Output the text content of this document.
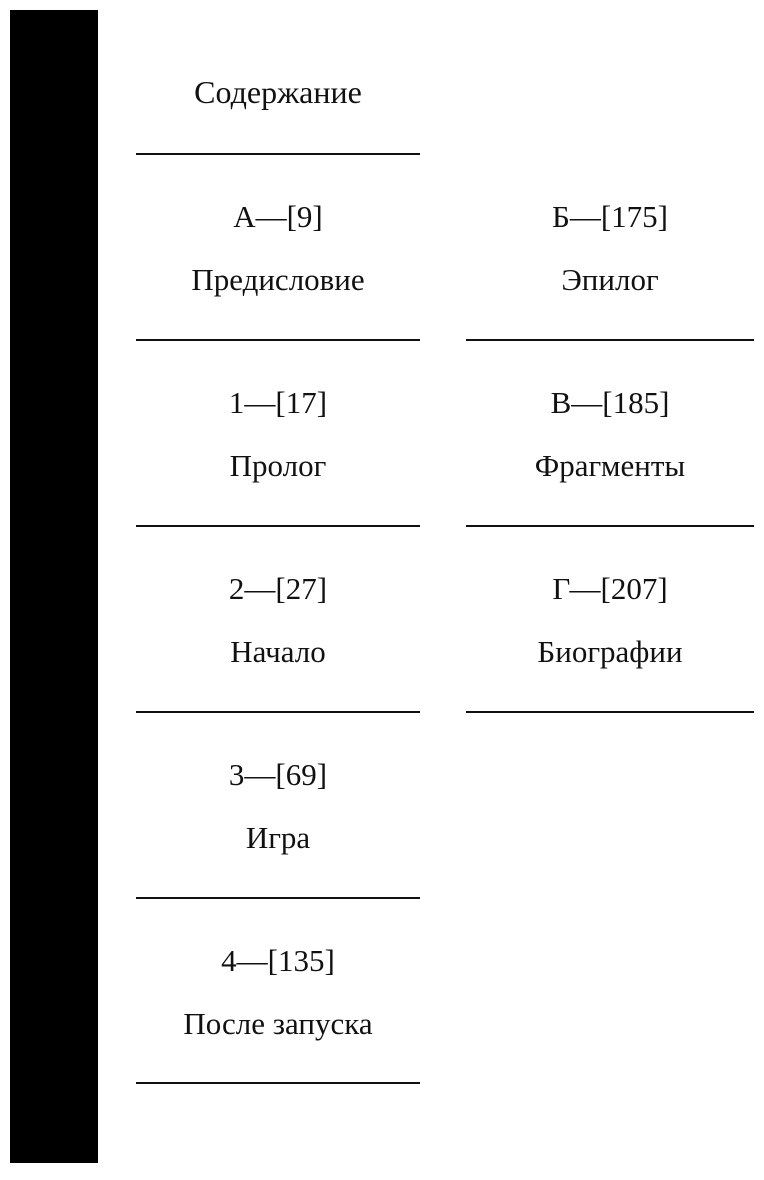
Содержание
А—[9]
Предисловие
1—[17]
Пролог
2—[27]
Начало
3—[69]
Игра
4—[135]
После запуска
Б—[175]
Эпилог
В—[185]
Фрагменты
Г—[207]
Биографии
